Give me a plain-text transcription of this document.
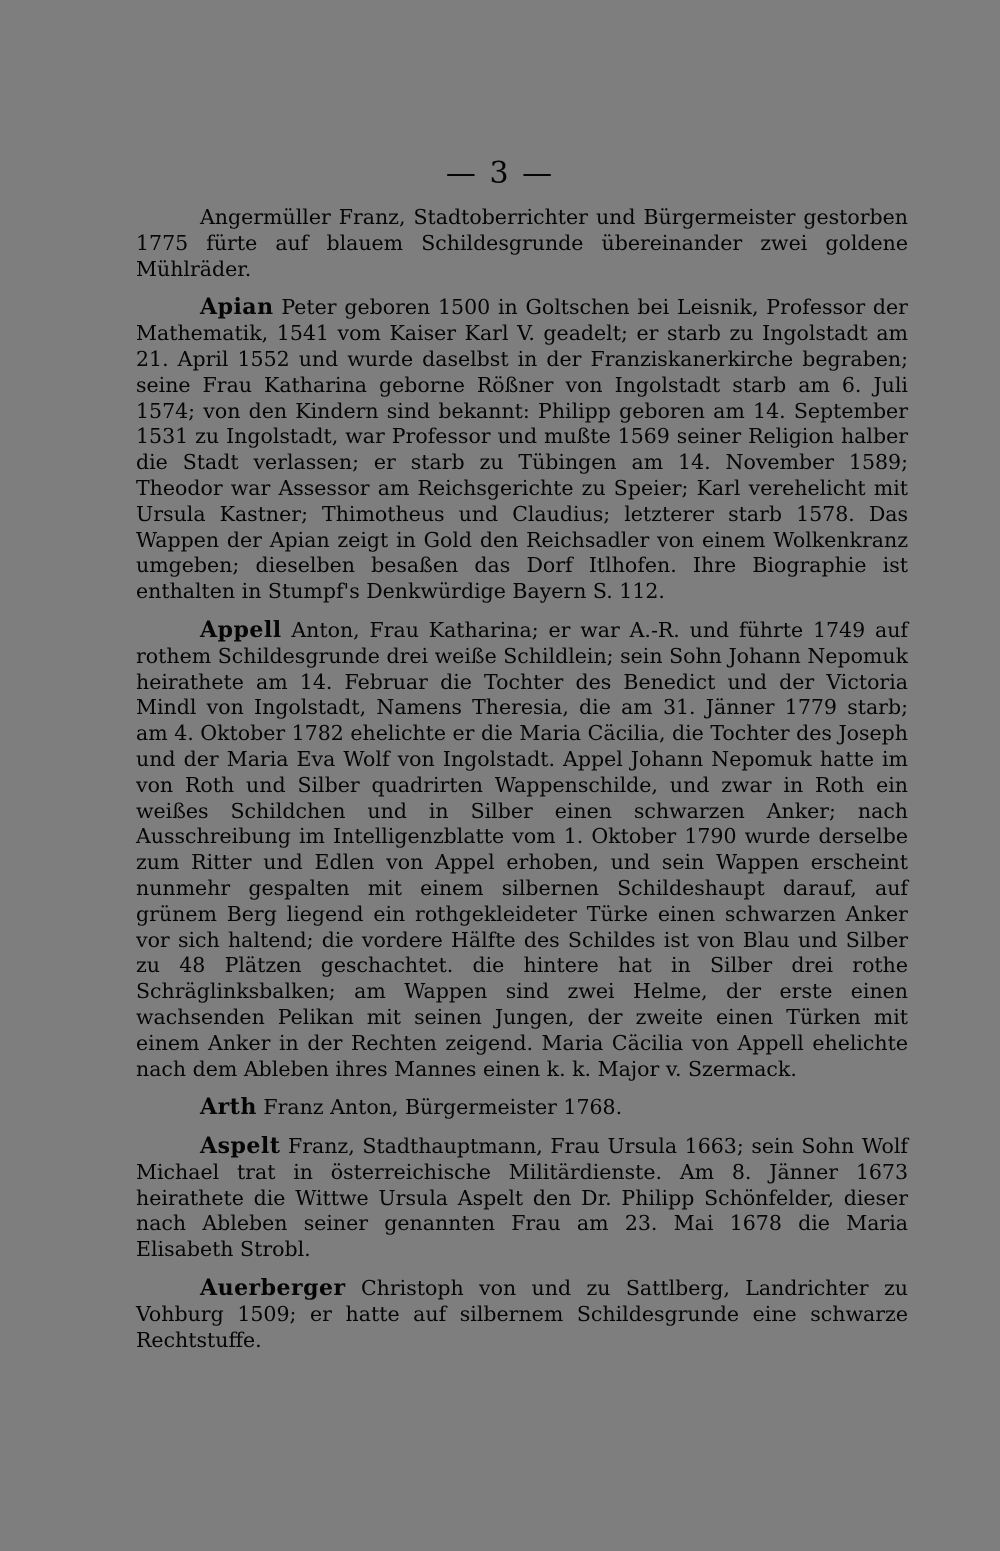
— 3 —

Angermüller Franz, Stadtoberrichter und Bürgermeister gestorben 1775 fürte auf blauem Schildesgrunde übereinander zwei goldene Mühlräder.

Apian Peter geboren 1500 in Goltschen bei Leisnik, Professor der Mathematik, 1541 vom Kaiser Karl V. geadelt; er starb zu Ingolstadt am 21. April 1552 und wurde daselbst in der Franziskanerkirche begraben; seine Frau Katharina geborne Rößner von Ingolstadt starb am 6. Juli 1574; von den Kindern sind bekannt: Philipp geboren am 14. September 1531 zu Ingolstadt, war Professor und mußte 1569 seiner Religion halber die Stadt verlassen; er starb zu Tübingen am 14. November 1589; Theodor war Assessor am Reichsgerichte zu Speier; Karl verehelicht mit Ursula Kastner; Thimotheus und Claudius; letzterer starb 1578. Das Wappen der Apian zeigt in Gold den Reichsadler von einem Wolkenkranz umgeben; dieselben besaßen das Dorf Itlhofen. Ihre Biographie ist enthalten in Stumpf's Denkwürdige Bayern S. 112.

Appell Anton, Frau Katharina; er war A.-R. und führte 1749 auf rothem Schildesgrunde drei weiße Schildlein; sein Sohn Johann Nepomuk heirathete am 14. Februar die Tochter des Benedict und der Victoria Mindl von Ingolstadt, Namens Theresia, die am 31. Jänner 1779 starb; am 4. Oktober 1782 ehelichte er die Maria Cäcilia, die Tochter des Joseph und der Maria Eva Wolf von Ingolstadt. Appel Johann Nepomuk hatte im von Roth und Silber quadrirten Wappenschilde, und zwar in Roth ein weißes Schildchen und in Silber einen schwarzen Anker; nach Ausschreibung im Intelligenzblatte vom 1. Oktober 1790 wurde derselbe zum Ritter und Edlen von Appel erhoben, und sein Wappen erscheint nunmehr gespalten mit einem silbernen Schildeshaupt darauf, auf grünem Berg liegend ein rothgekleideter Türke einen schwarzen Anker vor sich haltend; die vordere Hälfte des Schildes ist von Blau und Silber zu 48 Plätzen geschachtet. die hintere hat in Silber drei rothe Schräglinksbalken; am Wappen sind zwei Helme, der erste einen wachsenden Pelikan mit seinen Jungen, der zweite einen Türken mit einem Anker in der Rechten zeigend. Maria Cäcilia von Appell ehelichte nach dem Ableben ihres Mannes einen k. k. Major v. Szermack.

Arth Franz Anton, Bürgermeister 1768.

Aspelt Franz, Stadthauptmann, Frau Ursula 1663; sein Sohn Wolf Michael trat in österreichische Militärdienste. Am 8. Jänner 1673 heirathete die Wittwe Ursula Aspelt den Dr. Philipp Schönfelder, dieser nach Ableben seiner genannten Frau am 23. Mai 1678 die Maria Elisabeth Strobl.

Auerberger Christoph von und zu Sattlberg, Landrichter zu Vohburg 1509; er hatte auf silbernem Schildesgrunde eine schwarze Rechtstuffe.
